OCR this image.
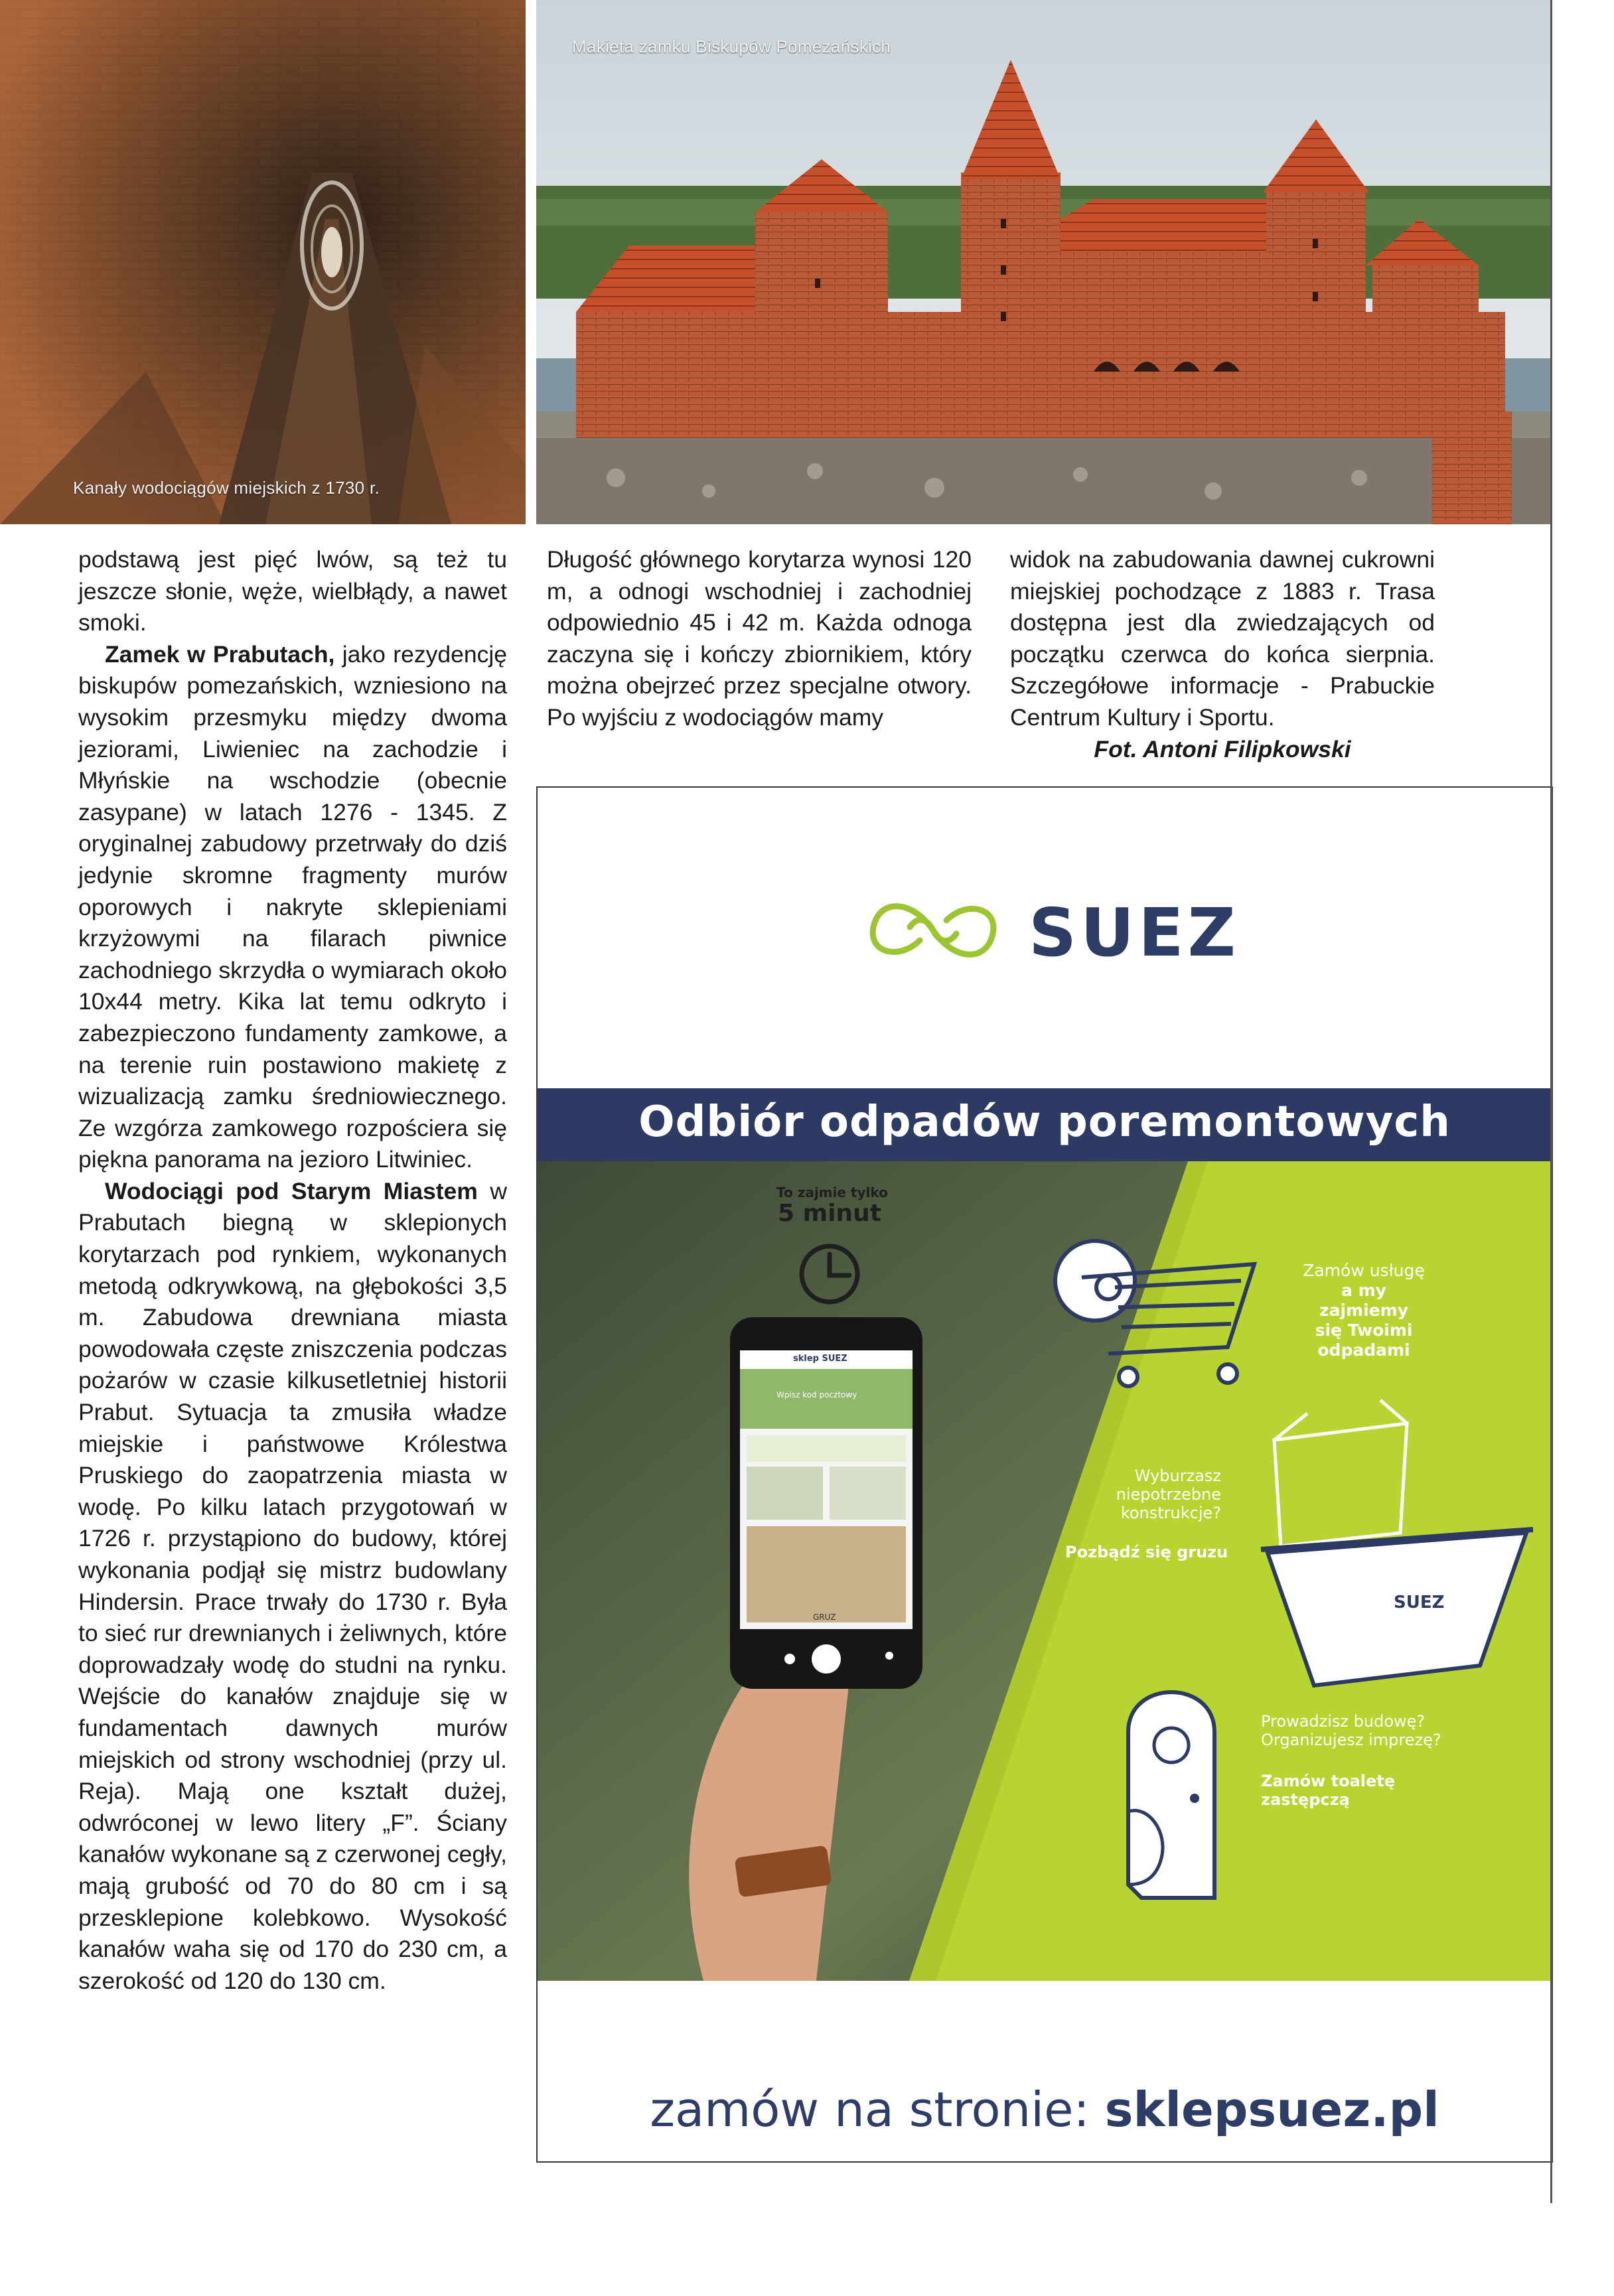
Kanały wodociągów miejskich z 1730 r.
Makieta zamku Biskupów Pomezańskich

podstawą jest pięć lwów, są też tu jeszcze słonie, węże, wielbłądy, a nawet smoki.

Zamek w Prabutach, jako rezydencję biskupów pomezańskich, wzniesiono na wysokim przesmyku między dwoma jeziorami, Liwieniec na zachodzie i Młyńskie na wschodzie (obecnie zasypane) w latach 1276 - 1345. Z oryginalnej zabudowy przetrwały do dziś jedynie skromne fragmenty murów oporowych i nakryte sklepieniami krzyżowymi na filarach piwnice zachodniego skrzydła o wymiarach około 10x44 metry. Kika lat temu odkryto i zabezpieczono fundamenty zamkowe, a na terenie ruin postawiono makietę z wizualizacją zamku średniowiecznego. Ze wzgórza zamkowego rozpościera się piękna panorama na jezioro Litwiniec.

Wodociągi pod Starym Miastem w Prabutach biegną w sklepionych korytarzach pod rynkiem, wykonanych metodą odkrywkową, na głębokości 3,5 m. Zabudowa drewniana miasta powodowała częste zniszczenia podczas pożarów w czasie kilkusetletniej historii Prabut. Sytuacja ta zmusiła władze miejskie i państwowe Królestwa Pruskiego do zaopatrzenia miasta w wodę. Po kilku latach przygotowań w 1726 r. przystąpiono do budowy, której wykonania podjął się mistrz budowlany Hindersin. Prace trwały do 1730 r. Była to sieć rur drewnianych i żeliwnych, które doprowadzały wodę do studni na rynku. Wejście do kanałów znajduje się w fundamentach dawnych murów miejskich od strony wschodniej (przy ul. Reja). Mają one kształt dużej, odwróconej w lewo litery „F”. Ściany kanałów wykonane są z czerwonej cegły, mają grubość od 70 do 80 cm i są przesklepione kolebkowo. Wysokość kanałów waha się od 170 do 230 cm, a szerokość od 120 do 130 cm.

Długość głównego korytarza wynosi 120 m, a odnogi wschodniej i zachodniej odpowiednio 45 i 42 m. Każda odnoga zaczyna się i kończy zbiornikiem, który można obejrzeć przez specjalne otwory. Po wyjściu z wodociągów mamy

widok na zabudowania dawnej cukrowni miejskiej pochodzące z 1883 r. Trasa dostępna jest dla zwiedzających od początku czerwca do końca sierpnia. Szczegółowe informacje - Prabuckie Centrum Kultury i Sportu.

Fot. Antoni Filipkowski
SUEZ
Odbiór odpadów poremontowych
To zajmie tylko
5 minut
sklep SUEZ
Wpisz kod pocztowy
GRUZ
Zamów usługę
a my zajmiemy
się Twoimi
odpadami
Wyburzasz
niepotrzebne
konstrukcje?
Pozbądź się gruzu
SUEZ
Prowadzisz budowę?
Organizujesz imprezę?
Zamów toaletę
zastępczą
zamów na stronie: sklepsuez.pl
